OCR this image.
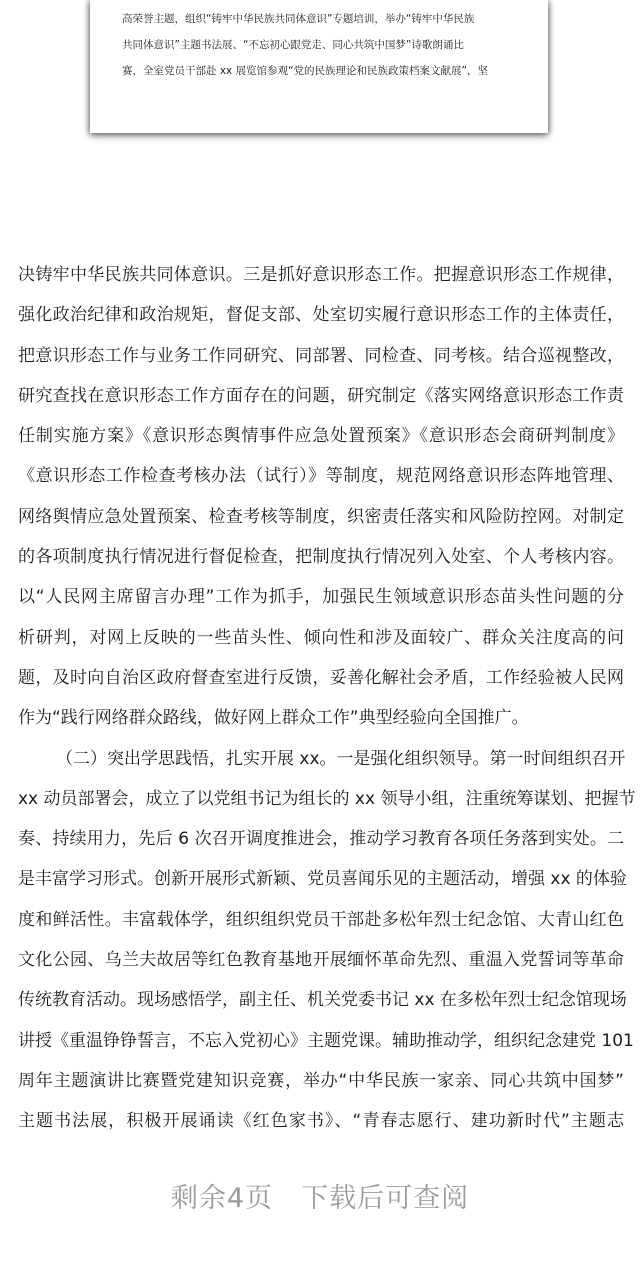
高荣誉主题，组织“铸牢中华民族共同体意识”专题培训，举办“铸牢中华民族
共同体意识”主题书法展、“不忘初心跟党走、同心共筑中国梦”诗歌朗诵比
赛，全室党员干部赴 xx 展览馆参观“党的民族理论和民族政策档案文献展”，坚

决铸牢中华民族共同体意识。三是抓好意识形态工作。把握意识形态工作规律，
强化政治纪律和政治规矩，督促支部、处室切实履行意识形态工作的主体责任，
把意识形态工作与业务工作同研究、同部署、同检查、同考核。结合巡视整改，
研究查找在意识形态工作方面存在的问题，研究制定《落实网络意识形态工作责
任制实施方案》《意识形态舆情事件应急处置预案》《意识形态会商研判制度》
《意识形态工作检查考核办法（试行）》等制度，规范网络意识形态阵地管理、
网络舆情应急处置预案、检查考核等制度，织密责任落实和风险防控网。对制定
的各项制度执行情况进行督促检查，把制度执行情况列入处室、个人考核内容。
以“人民网主席留言办理”工作为抓手，加强民生领域意识形态苗头性问题的分
析研判，对网上反映的一些苗头性、倾向性和涉及面较广、群众关注度高的问
题，及时向自治区政府督查室进行反馈，妥善化解社会矛盾，工作经验被人民网
作为“践行网络群众路线，做好网上群众工作”典型经验向全国推广。
（二）突出学思践悟，扎实开展 xx。一是强化组织领导。第一时间组织召开
xx 动员部署会，成立了以党组书记为组长的 xx 领导小组，注重统筹谋划、把握节
奏、持续用力，先后 6 次召开调度推进会，推动学习教育各项任务落到实处。二
是丰富学习形式。创新开展形式新颖、党员喜闻乐见的主题活动，增强 xx 的体验
度和鲜活性。丰富载体学，组织组织党员干部赴多松年烈士纪念馆、大青山红色
文化公园、乌兰夫故居等红色教育基地开展缅怀革命先烈、重温入党誓词等革命
传统教育活动。现场感悟学，副主任、机关党委书记 xx 在多松年烈士纪念馆现场
讲授《重温铮铮誓言，不忘入党初心》主题党课。辅助推动学，组织纪念建党 101
周年主题演讲比赛暨党建知识竞赛，举办“中华民族一家亲、同心共筑中国梦”
主题书法展，积极开展诵读《红色家书》、“青春志愿行、建功新时代”主题志
剩余4页 下载后可查阅
